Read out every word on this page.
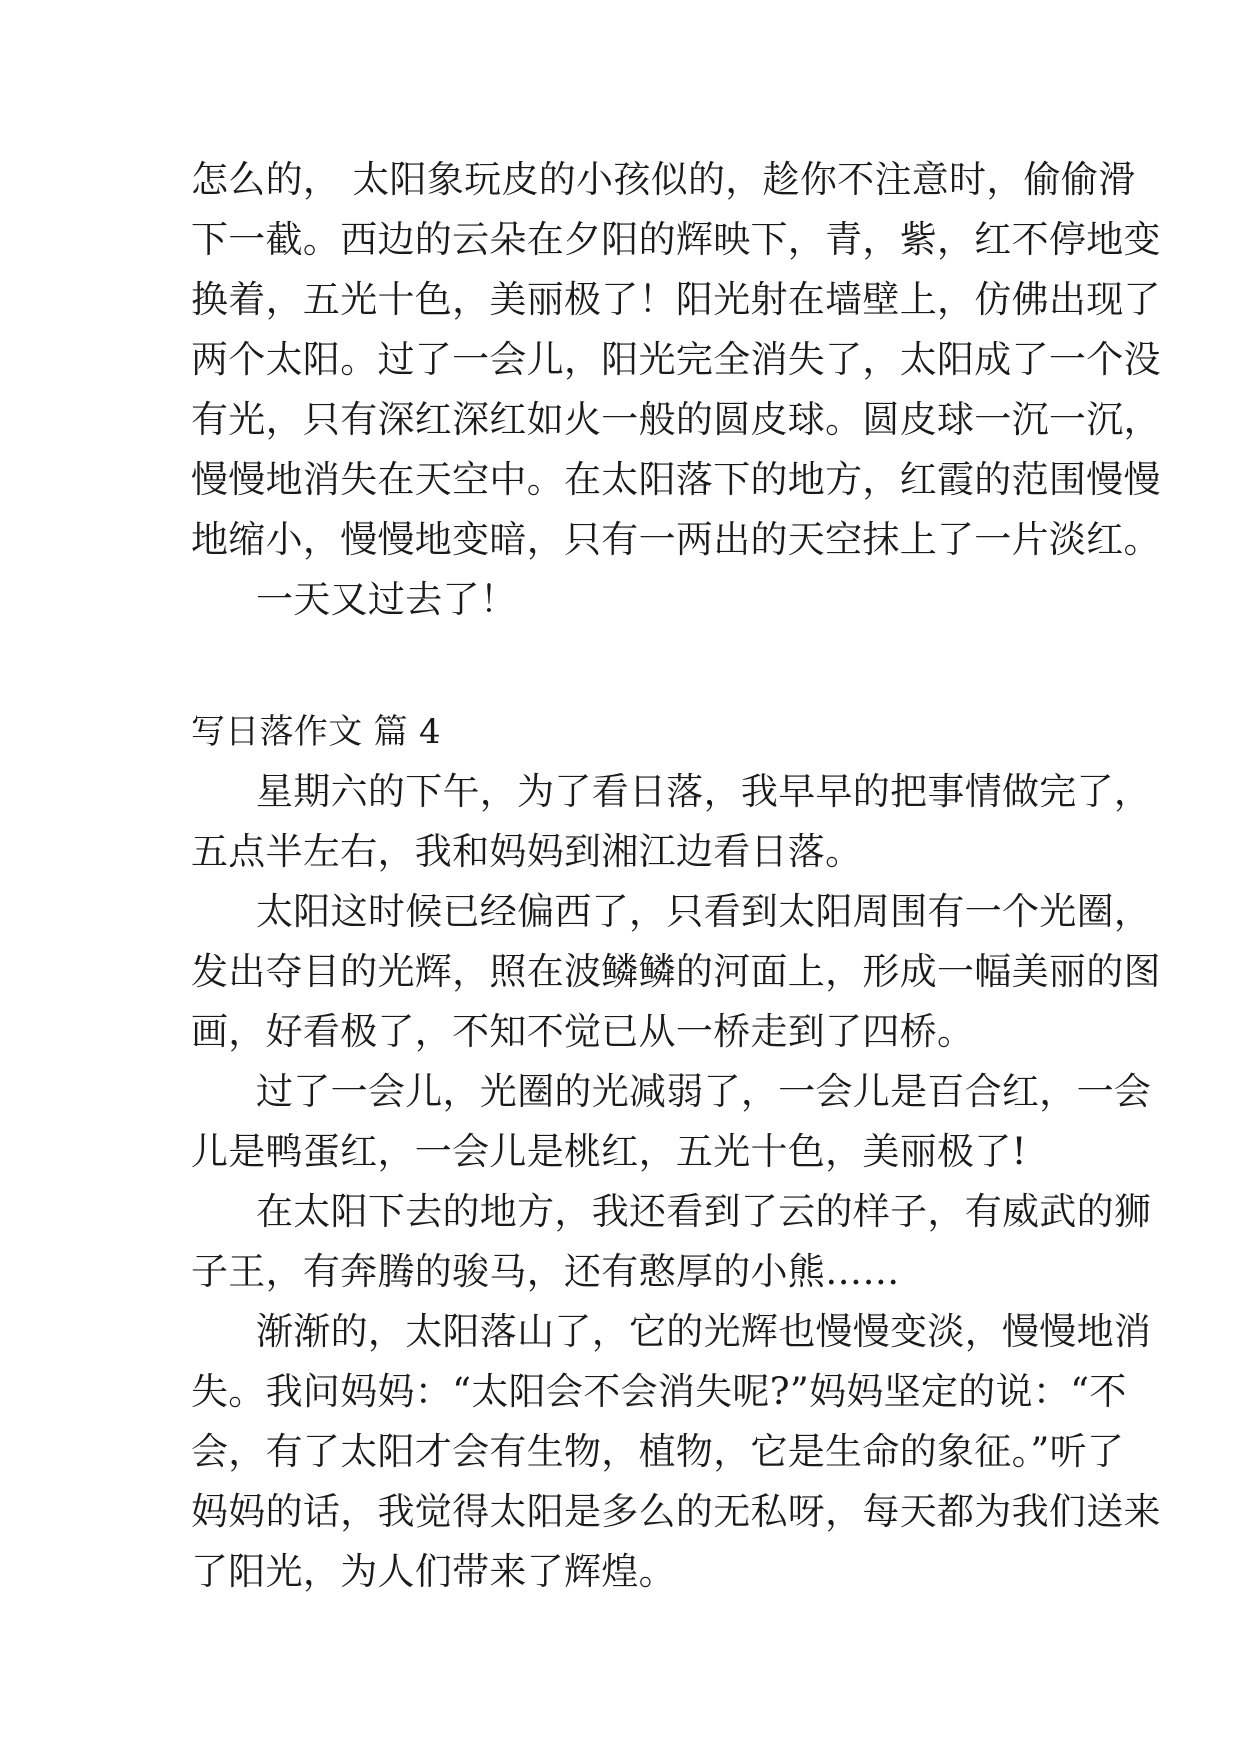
怎么的， 太阳象玩皮的小孩似的，趁你不注意时，偷偷滑
下一截。西边的云朵在夕阳的辉映下，青，紫，红不停地变
换着，五光十色，美丽极了！阳光射在墙壁上，仿佛出现了
两个太阳。过了一会儿，阳光完全消失了，太阳成了一个没
有光，只有深红深红如火一般的圆皮球。圆皮球一沉一沉，
慢慢地消失在天空中。在太阳落下的地方，红霞的范围慢慢
地缩小，慢慢地变暗，只有一两出的天空抹上了一片淡红。
一天又过去了！
写日落作文 篇 4
星期六的下午，为了看日落，我早早的把事情做完了，
五点半左右，我和妈妈到湘江边看日落。
太阳这时候已经偏西了，只看到太阳周围有一个光圈，
发出夺目的光辉，照在波鳞鳞的河面上，形成一幅美丽的图
画，好看极了，不知不觉已从一桥走到了四桥。
过了一会儿，光圈的光减弱了，一会儿是百合红，一会
儿是鸭蛋红，一会儿是桃红，五光十色，美丽极了!
在太阳下去的地方，我还看到了云的样子，有威武的狮
子王，有奔腾的骏马，还有憨厚的小熊……
渐渐的，太阳落山了，它的光辉也慢慢变淡，慢慢地消
失。我问妈妈：“太阳会不会消失呢?”妈妈坚定的说：“不
会，有了太阳才会有生物，植物，它是生命的象征。”听了
妈妈的话，我觉得太阳是多么的无私呀，每天都为我们送来
了阳光，为人们带来了辉煌。
